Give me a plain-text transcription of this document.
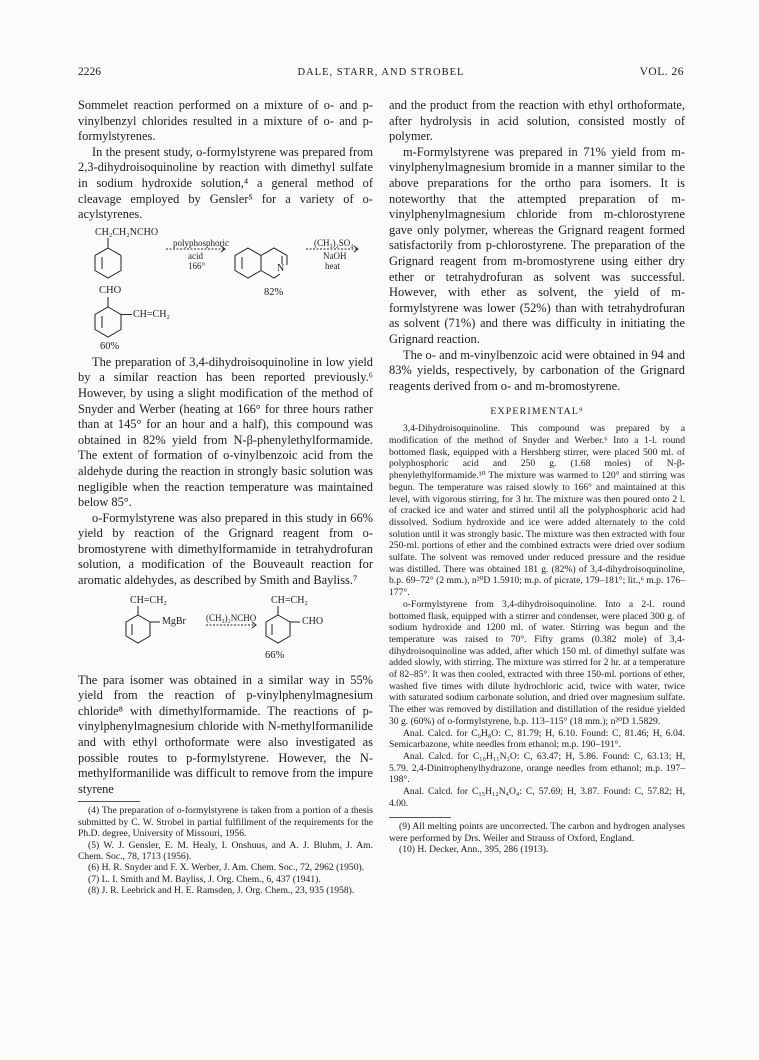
2226	DALE, STARR, AND STROBEL	VOL. 26

Sommelet reaction performed on a mixture of o- and p-vinylbenzyl chlorides resulted in a mixture of o- and p-formylstyrenes.

In the present study, o-formylstyrene was prepared from 2,3-dihydroisoquinoline by reaction with dimethyl sulfate in sodium hydroxide solution,⁴ a general method of cleavage employed by Gensler⁵ for a variety of o-acylstyrenes.

CH₂CH₂NCHO
polyphosphoric
acid
166°	N
82%
(CH₃)₂SO₄
NaOH
heat
CHO
CH=CH₂
60%

The preparation of 3,4-dihydroisoquinoline in low yield by a similar reaction has been reported previously.⁶ However, by using a slight modification of the method of Snyder and Werber (heating at 166° for three hours rather than at 145° for an hour and a half), this compound was obtained in 82% yield from N-β-phenylethylformamide. The extent of formation of o-vinylbenzoic acid from the aldehyde during the reaction in strongly basic solution was negligible when the reaction temperature was maintained below 85°.

o-Formylstyrene was also prepared in this study in 66% yield by reaction of the Grignard reagent from o-bromostyrene with dimethylformamide in tetrahydrofuran solution, a modification of the Bouveault reaction for aromatic aldehydes, as described by Smith and Bayliss.⁷

CH=CH₂
MgBr (CH₃)₂NCHO
CH=CH₂
CHO
66%

The para isomer was obtained in a similar way in 55% yield from the reaction of p-vinylphenylmagnesium chloride⁸ with dimethylformamide. The reactions of p-vinylphenylmagnesium chloride with N-methylformanilide and with ethyl orthoformate were also investigated as possible routes to p-formylstyrene. However, the N-methylformanilide was difficult to remove from the impure styrene

(4) The preparation of o-formylstyrene is taken from a portion of a thesis submitted by C. W. Strobel in partial fulfillment of the requirements for the Ph.D. degree, University of Missouri, 1956.

(5) W. J. Gensler, E. M. Healy, I. Onshuus, and A. J. Bluhm, J. Am. Chem. Soc., 78, 1713 (1956).

(6) H. R. Snyder and F. X. Werber, J. Am. Chem. Soc., 72, 2962 (1950).

(7) L. I. Smith and M. Bayliss, J. Org. Chem., 6, 437 (1941).

(8) J. R. Leebrick and H. E. Ramsden, J. Org. Chem., 23, 935 (1958).

and the product from the reaction with ethyl orthoformate, after hydrolysis in acid solution, consisted mostly of polymer.

m-Formylstyrene was prepared in 71% yield from m-vinylphenylmagnesium bromide in a manner similar to the above preparations for the ortho para isomers. It is noteworthy that the attempted preparation of m-vinylphenylmagnesium chloride from m-chlorostyrene gave only polymer, whereas the Grignard reagent formed satisfactorily from p-chlorostyrene. The preparation of the Grignard reagent from m-bromostyrene using either dry ether or tetrahydrofuran as solvent was successful. However, with ether as solvent, the yield of m-formylstyrene was lower (52%) than with tetrahydrofuran as solvent (71%) and there was difficulty in initiating the Grignard reaction.

The o- and m-vinylbenzoic acid were obtained in 94 and 83% yields, respectively, by carbonation of the Grignard reagents derived from o- and m-bromostyrene.

EXPERIMENTAL⁹

3,4-Dihydroisoquinoline. This compound was prepared by a modification of the method of Snyder and Werber.⁶ Into a 1-l. round bottomed flask, equipped with a Hershberg stirrer, were placed 500 ml. of polyphosphoric acid and 250 g. (1.68 moles) of N-β-phenylethylformamide.¹⁰ The mixture was warmed to 120° and stirring was begun. The temperature was raised slowly to 166° and maintained at this level, with vigorous stirring, for 3 hr. The mixture was then poured onto 2 l. of cracked ice and water and stirred until all the polyphosphoric acid had dissolved. Sodium hydroxide and ice were added alternately to the cold solution until it was strongly basic. The mixture was then extracted with four 250-ml. portions of ether and the combined extracts were dried over sodium sulfate. The solvent was removed under reduced pressure and the residue was distilled. There was obtained 181 g. (82%) of 3,4-dihydroisoquinoline, b.p. 69–72° (2 mm.), n²⁰D 1.5910; m.p. of picrate, 179–181°; lit.,⁶ m.p. 176–177°.

o-Formylstyrene from 3,4-dihydroisoquinoline. Into a 2-l. round bottomed flask, equipped with a stirrer and condenser, were placed 300 g. of sodium hydroxide and 1200 ml. of water. Stirring was begun and the temperature was raised to 70°. Fifty grams (0.382 mole) of 3,4-dihydroisoquinoline was added, after which 150 ml. of dimethyl sulfate was added slowly, with stirring. The mixture was stirred for 2 hr. at a temperature of 82–85°. It was then cooled, extracted with three 150-ml. portions of ether, washed five times with dilute hydrochloric acid, twice with water, twice with saturated sodium carbonate solution, and dried over magnesium sulfate. The ether was removed by distillation and distillation of the residue yielded 30 g. (60%) of o-formylstyrene, b.p. 113–115° (18 mm.); n²⁰D 1.5829.

Anal. Calcd. for C₉H₈O: C, 81.79; H, 6.10. Found: C, 81.46; H, 6.04. Semicarbazone, white needles from ethanol; m.p. 190–191°.

Anal. Calcd. for C₁₀H₁₁N₃O: C, 63.47; H, 5.86. Found: C, 63.13; H, 5.79. 2,4-Dinitrophenylhydrazone, orange needles from ethanol; m.p. 197–198°.

Anal. Calcd. for C₁₅H₁₂N₄O₄: C, 57.69; H, 3.87. Found: C, 57.82; H, 4.00.

(9) All melting points are uncorrected. The carbon and hydrogen analyses were performed by Drs. Weiler and Strauss of Oxford, England.

(10) H. Decker, Ann., 395, 286 (1913).
